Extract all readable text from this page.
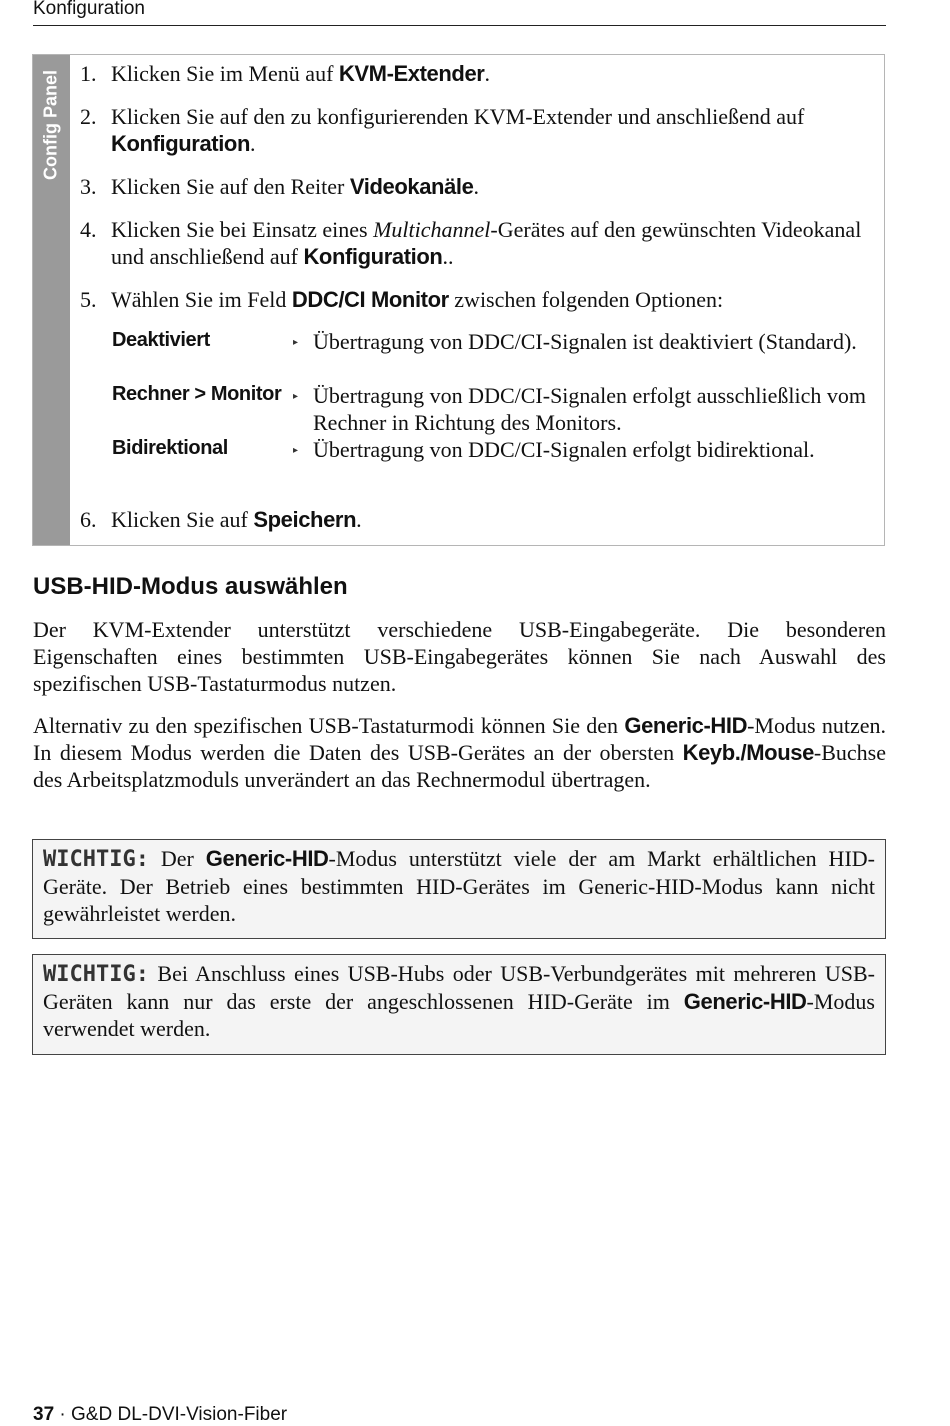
Konfiguration
Config Panel 1. Klicken Sie im Menü auf KVM-Extender.
2. Klicken Sie auf den zu konfigurierenden KVM-Extender und anschließend auf Konfiguration.
3. Klicken Sie auf den Reiter Videokanäle.
4. Klicken Sie bei Einsatz eines Multichannel-Gerätes auf den gewünschten Videokanal und anschließend auf Konfiguration..
5. Wählen Sie im Feld DDC/CI Monitor zwischen folgenden Optionen:
Deaktiviert	▸ Übertragung von DDC/CI-Signalen ist deaktiviert (Standard).
Rechner > Monitor ▸ Übertragung von DDC/CI-Signalen erfolgt ausschließlich vom Rechner in Richtung des Monitors.
Bidirektional	▸ Übertragung von DDC/CI-Signalen erfolgt bidirektional.
6. Klicken Sie auf Speichern.
USB-HID-Modus auswählen
Der KVM-Extender unterstützt verschiedene USB-Eingabegeräte. Die besonderen Eigenschaften eines bestimmten USB-Eingabegerätes können Sie nach Auswahl des spezifischen USB-Tastaturmodus nutzen.
Alternativ zu den spezifischen USB-Tastaturmodi können Sie den Generic-HID-Modus nutzen. In diesem Modus werden die Daten des USB-Gerätes an der obersten Keyb./Mouse-Buchse des Arbeitsplatzmoduls unverändert an das Rechnermodul übertragen.
WICHTIG: Der Generic-HID-Modus unterstützt viele der am Markt erhältlichen HID-Geräte. Der Betrieb eines bestimmten HID-Gerätes im Generic-HID-Modus kann nicht gewährleistet werden.
WICHTIG: Bei Anschluss eines USB-Hubs oder USB-Verbundgerätes mit mehreren USB-Geräten kann nur das erste der angeschlossenen HID-Geräte im Generic-HID-Modus verwendet werden.
37 · G&D DL-DVI-Vision-Fiber
